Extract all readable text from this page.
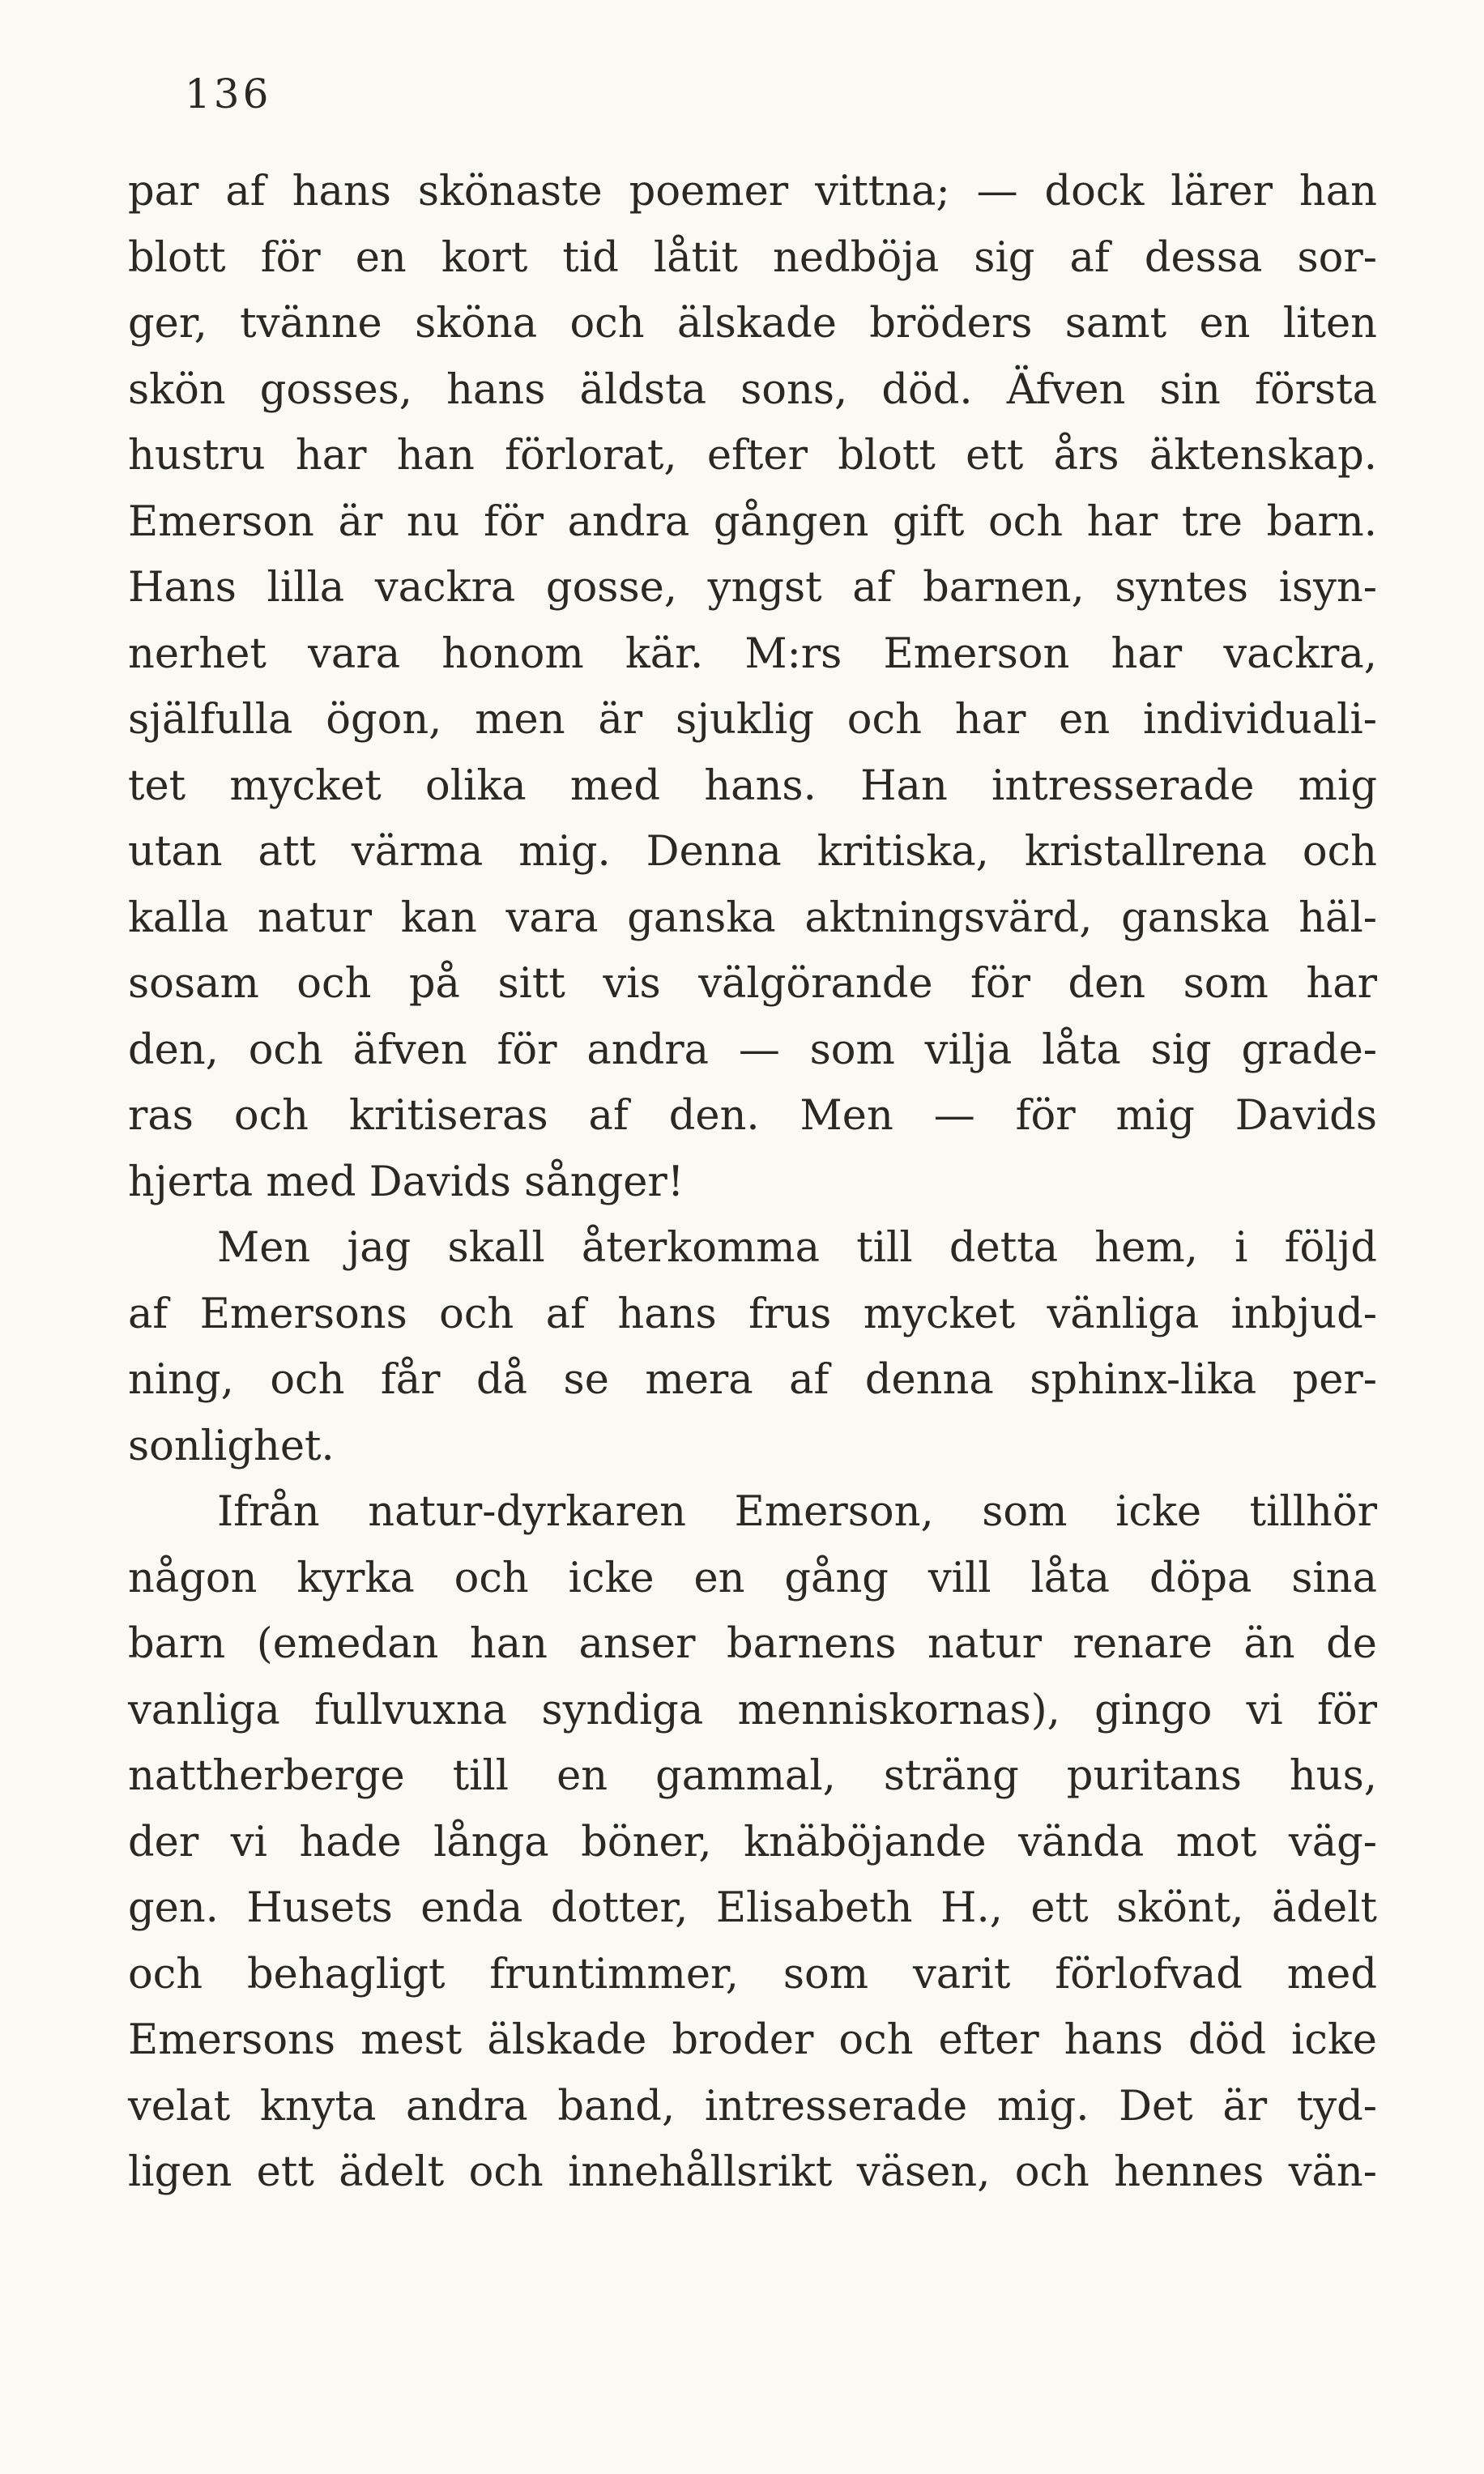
136
par af hans skönaste poemer vittna; — dock lärer han
blott för en kort tid låtit nedböja sig af dessa sor-
ger, tvänne sköna och älskade bröders samt en liten
skön gosses, hans äldsta sons, död. Äfven sin första
hustru har han förlorat, efter blott ett års äktenskap.
Emerson är nu för andra gången gift och har tre barn.
Hans lilla vackra gosse, yngst af barnen, syntes isyn-
nerhet vara honom kär. M:rs Emerson har vackra,
själfulla ögon, men är sjuklig och har en individuali-
tet mycket olika med hans. Han intresserade mig
utan att värma mig. Denna kritiska, kristallrena och
kalla natur kan vara ganska aktningsvärd, ganska häl-
sosam och på sitt vis välgörande för den som har
den, och äfven för andra — som vilja låta sig grade-
ras och kritiseras af den. Men — för mig Davids
hjerta med Davids sånger!
Men jag skall återkomma till detta hem, i följd
af Emersons och af hans frus mycket vänliga inbjud-
ning, och får då se mera af denna sphinx-lika per-
sonlighet.
Ifrån natur-dyrkaren Emerson, som icke tillhör
någon kyrka och icke en gång vill låta döpa sina
barn (emedan han anser barnens natur renare än de
vanliga fullvuxna syndiga menniskornas), gingo vi för
nattherberge till en gammal, sträng puritans hus,
der vi hade långa böner, knäböjande vända mot väg-
gen. Husets enda dotter, Elisabeth H., ett skönt, ädelt
och behagligt fruntimmer, som varit förlofvad med
Emersons mest älskade broder och efter hans död icke
velat knyta andra band, intresserade mig. Det är tyd-
ligen ett ädelt och innehållsrikt väsen, och hennes vän-
